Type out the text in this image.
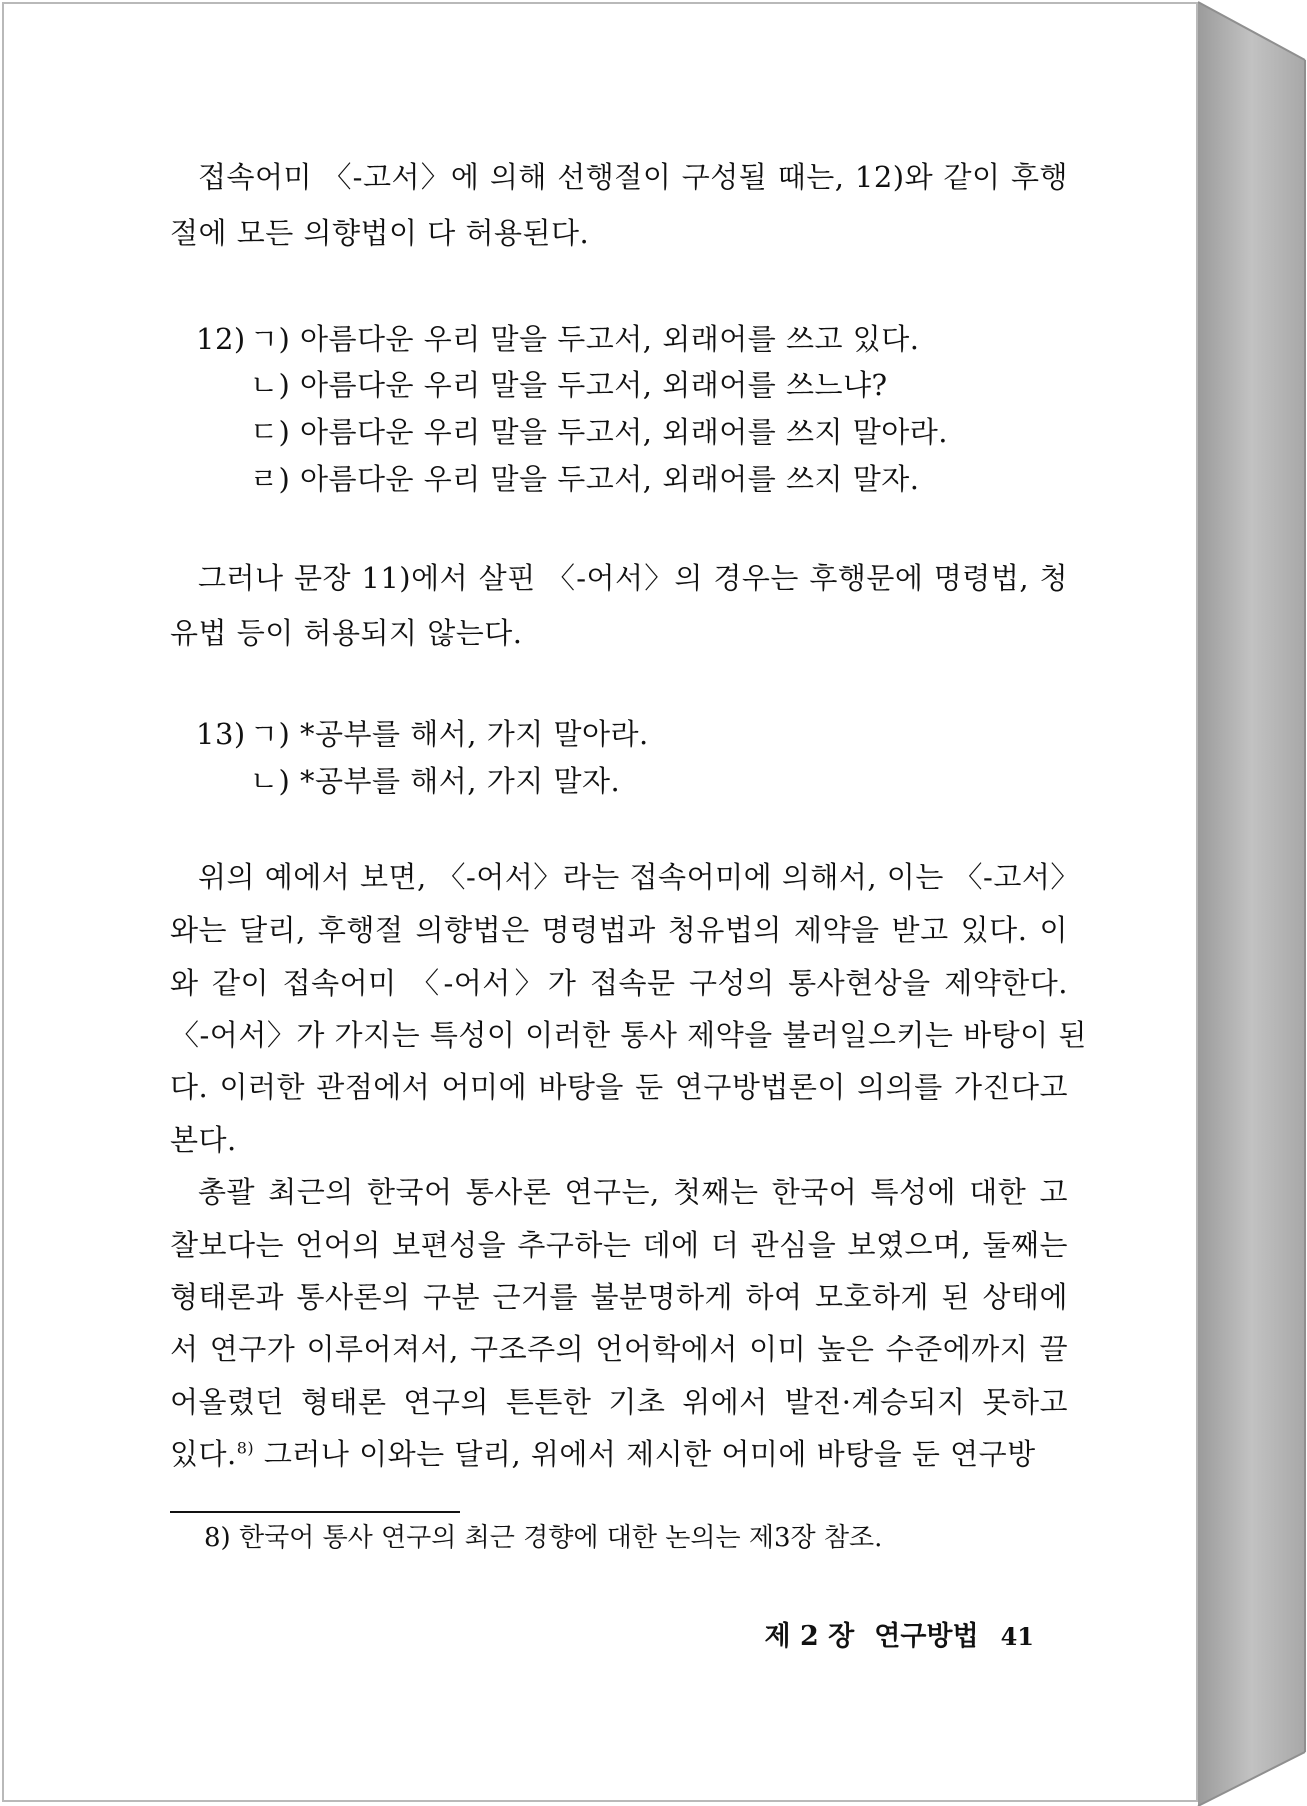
접속어미 〈-고서〉에 의해 선행절이 구성될 때는, 12)와 같이 후행
절에 모든 의향법이 다 허용된다.
12) ㄱ) 아름다운 우리 말을 두고서, 외래어를 쓰고 있다.
ㄴ) 아름다운 우리 말을 두고서, 외래어를 쓰느냐?
ㄷ) 아름다운 우리 말을 두고서, 외래어를 쓰지 말아라.
ㄹ) 아름다운 우리 말을 두고서, 외래어를 쓰지 말자.
그러나 문장 11)에서 살핀 〈-어서〉의 경우는 후행문에 명령법, 청
유법 등이 허용되지 않는다.
13) ㄱ) *공부를 해서, 가지 말아라.
ㄴ) *공부를 해서, 가지 말자.
위의 예에서 보면, 〈-어서〉라는 접속어미에 의해서, 이는 〈-고서〉
와는 달리, 후행절 의향법은 명령법과 청유법의 제약을 받고 있다. 이
와 같이 접속어미 〈-어서〉가 접속문 구성의 통사현상을 제약한다.
〈-어서〉가 가지는 특성이 이러한 통사 제약을 불러일으키는 바탕이 된
다. 이러한 관점에서 어미에 바탕을 둔 연구방법론이 의의를 가진다고
본다.
총괄 최근의 한국어 통사론 연구는, 첫째는 한국어 특성에 대한 고
찰보다는 언어의 보편성을 추구하는 데에 더 관심을 보였으며, 둘째는
형태론과 통사론의 구분 근거를 불분명하게 하여 모호하게 된 상태에
서 연구가 이루어져서, 구조주의 언어학에서 이미 높은 수준에까지 끌
어올렸던 형태론 연구의 튼튼한 기초 위에서 발전·계승되지 못하고
있다.$^{8)}$ 그러나 이와는 달리, 위에서 제시한 어미에 바탕을 둔 연구방
8) 한국어 통사 연구의 최근 경향에 대한 논의는 제3장 참조.
제 2 장 연구방법 41
